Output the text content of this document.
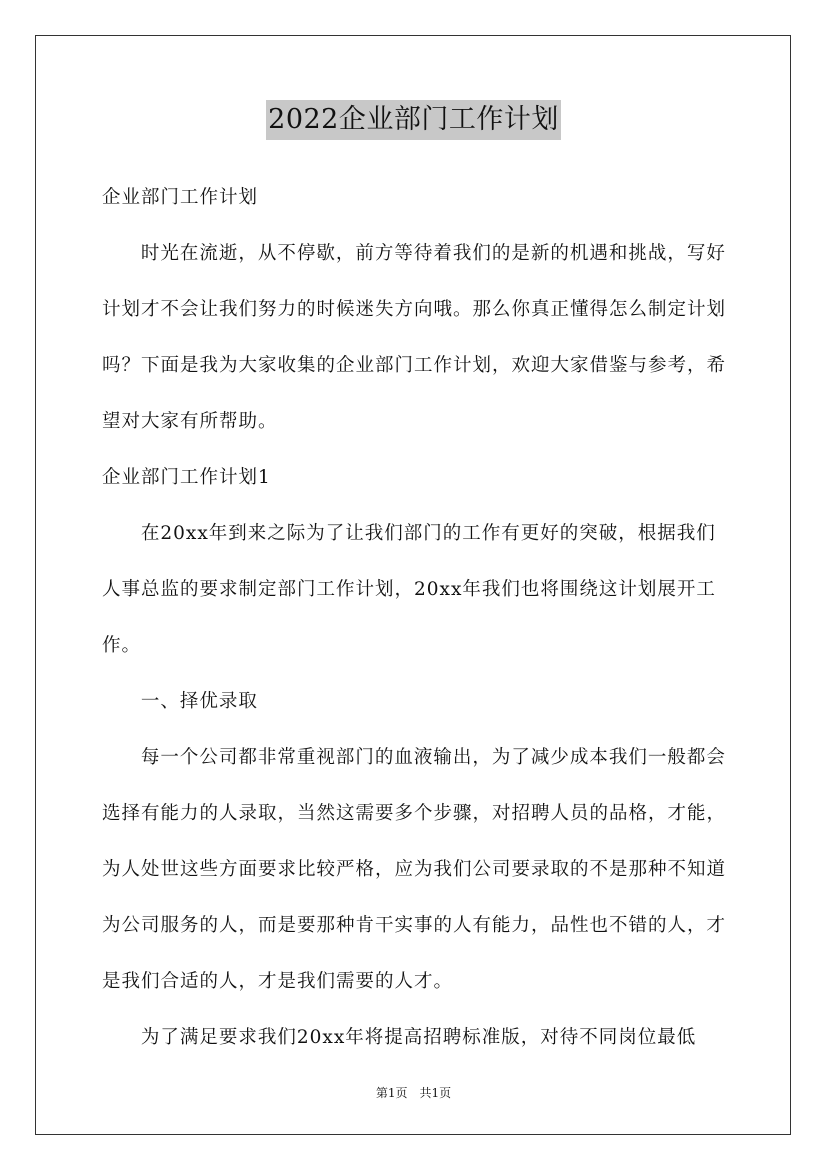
2022企业部门工作计划

企业部门工作计划

时光在流逝，从不停歇，前方等待着我们的是新的机遇和挑战，写好计划才不会让我们努力的时候迷失方向哦。那么你真正懂得怎么制定计划吗？下面是我为大家收集的企业部门工作计划，欢迎大家借鉴与参考，希望对大家有所帮助。

企业部门工作计划1

在20xx年到来之际为了让我们部门的工作有更好的突破，根据我们人事总监的要求制定部门工作计划，20xx年我们也将围绕这计划展开工作。

一、择优录取

每一个公司都非常重视部门的血液输出，为了减少成本我们一般都会选择有能力的人录取，当然这需要多个步骤，对招聘人员的品格，才能，为人处世这些方面要求比较严格，应为我们公司要录取的不是那种不知道为公司服务的人，而是要那种肯干实事的人有能力，品性也不错的人，才是我们合适的人，才是我们需要的人才。

为了满足要求我们20xx年将提高招聘标准版，对待不同岗位最低

第1页　共1页
